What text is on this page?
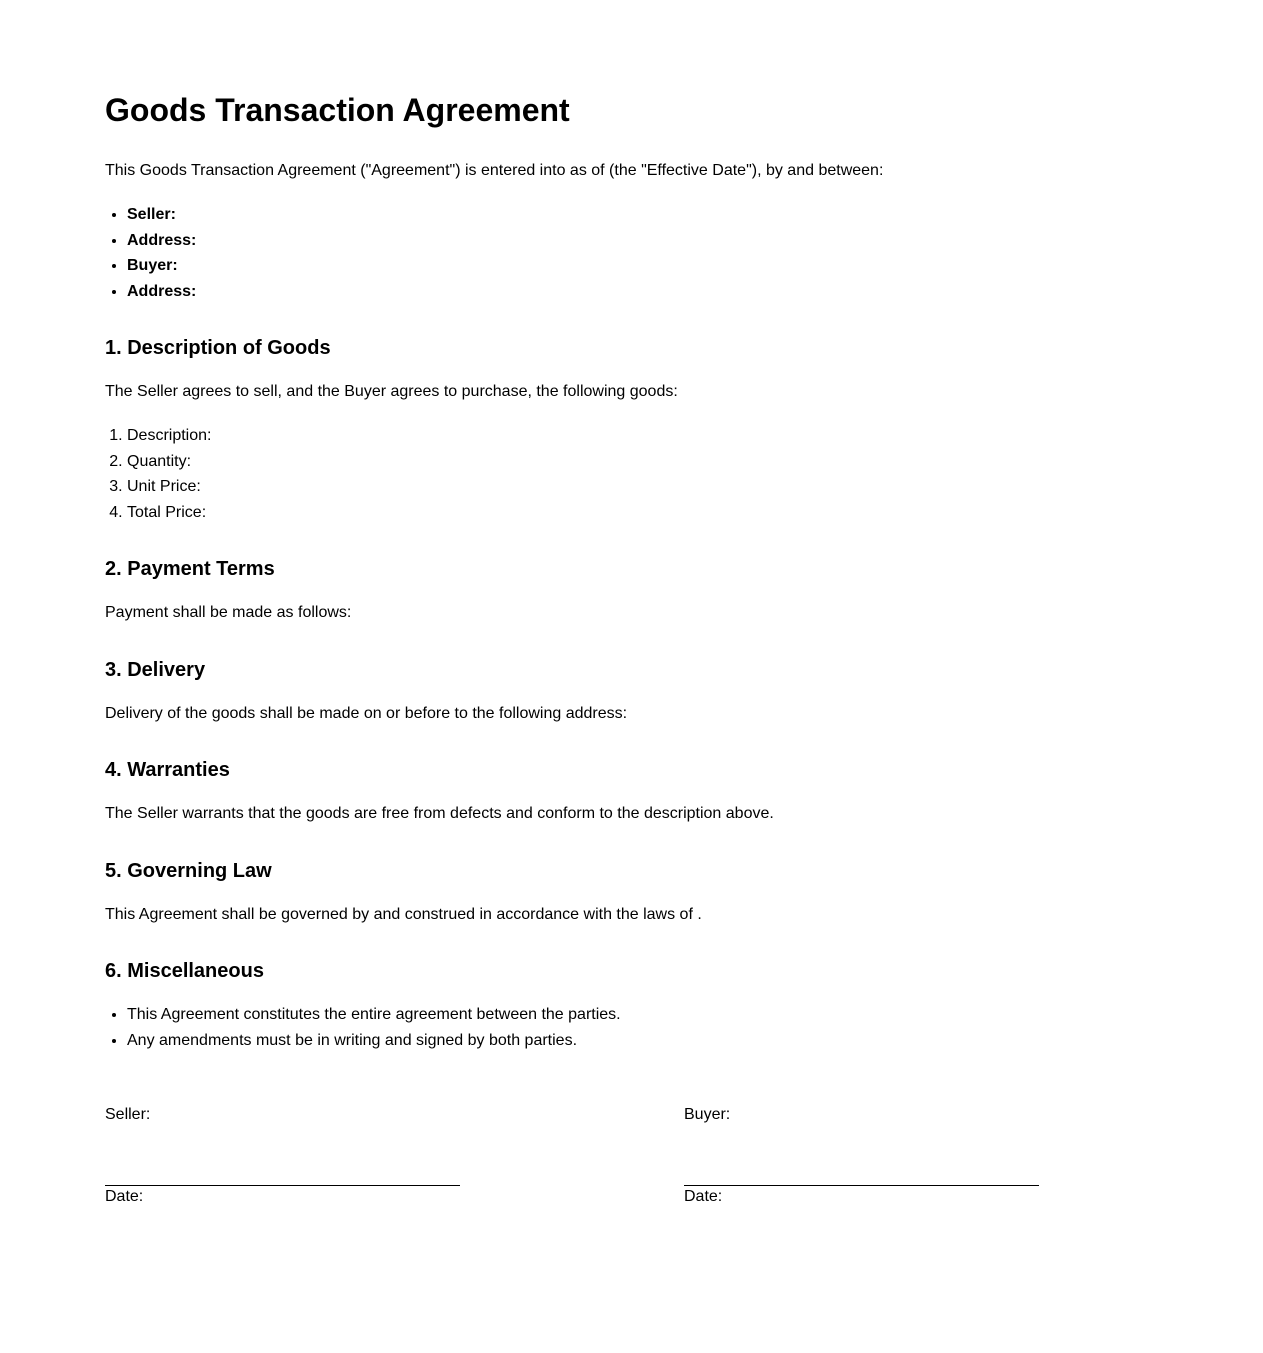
Goods Transaction Agreement

This Goods Transaction Agreement ("Agreement") is entered into as of (the "Effective Date"), by and between:

• Seller:
• Address:
• Buyer:
• Address:
1. Description of Goods

The Seller agrees to sell, and the Buyer agrees to purchase, the following goods:

1. Description:
2. Quantity:
3. Unit Price:
4. Total Price:
2. Payment Terms

Payment shall be made as follows:

3. Delivery

Delivery of the goods shall be made on or before to the following address:

4. Warranties

The Seller warrants that the goods are free from defects and conform to the description above.

5. Governing Law

This Agreement shall be governed by and construed in accordance with the laws of .

6. Miscellaneous
• This Agreement constitutes the entire agreement between the parties.
• Any amendments must be in writing and signed by both parties.
Seller:
Date:
Buyer:
Date:
